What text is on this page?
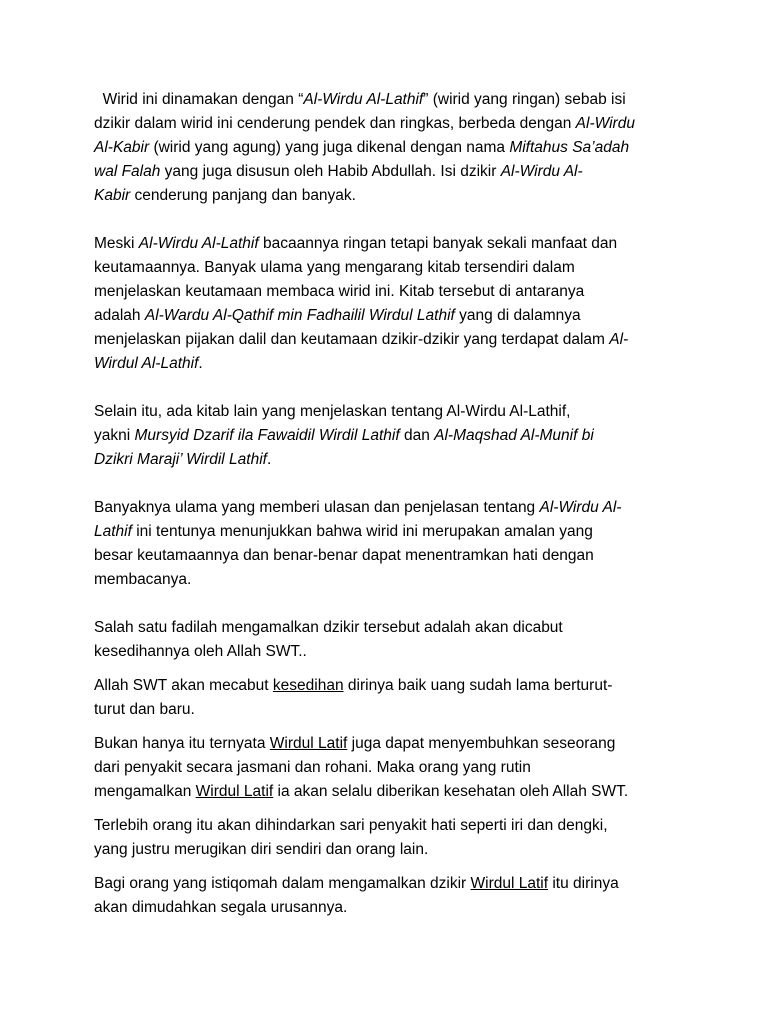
Wirid ini dinamakan dengan “Al-Wirdu Al-Lathif” (wirid yang ringan) sebab isi
dzikir dalam wirid ini cenderung pendek dan ringkas, berbeda dengan Al-Wirdu
Al-Kabir (wirid yang agung) yang juga dikenal dengan nama Miftahus Sa’adah
wal Falah yang juga disusun oleh Habib Abdullah. Isi dzikir Al-Wirdu Al-
Kabir cenderung panjang dan banyak.

Meski Al-Wirdu Al-Lathif bacaannya ringan tetapi banyak sekali manfaat dan
keutamaannya. Banyak ulama yang mengarang kitab tersendiri dalam
menjelaskan keutamaan membaca wirid ini. Kitab tersebut di antaranya
adalah Al-Wardu Al-Qathif min Fadhailil Wirdul Lathif yang di dalamnya
menjelaskan pijakan dalil dan keutamaan dzikir-dzikir yang terdapat dalam Al-
Wirdul Al-Lathif.

Selain itu, ada kitab lain yang menjelaskan tentang Al-Wirdu Al-Lathif,
yakni Mursyid Dzarif ila Fawaidil Wirdil Lathif dan Al-Maqshad Al-Munif bi
Dzikri Maraji’ Wirdil Lathif.

Banyaknya ulama yang memberi ulasan dan penjelasan tentang Al-Wirdu Al-
Lathif ini tentunya menunjukkan bahwa wirid ini merupakan amalan yang
besar keutamaannya dan benar-benar dapat menentramkan hati dengan
membacanya.

Salah satu fadilah mengamalkan dzikir tersebut adalah akan dicabut
kesedihannya oleh Allah SWT..

Allah SWT akan mecabut kesedihan dirinya baik uang sudah lama berturut-
turut dan baru.

Bukan hanya itu ternyata Wirdul Latif juga dapat menyembuhkan seseorang
dari penyakit secara jasmani dan rohani. Maka orang yang rutin
mengamalkan Wirdul Latif ia akan selalu diberikan kesehatan oleh Allah SWT.

Terlebih orang itu akan dihindarkan sari penyakit hati seperti iri dan dengki,
yang justru merugikan diri sendiri dan orang lain.

Bagi orang yang istiqomah dalam mengamalkan dzikir Wirdul Latif itu dirinya
akan dimudahkan segala urusannya.
